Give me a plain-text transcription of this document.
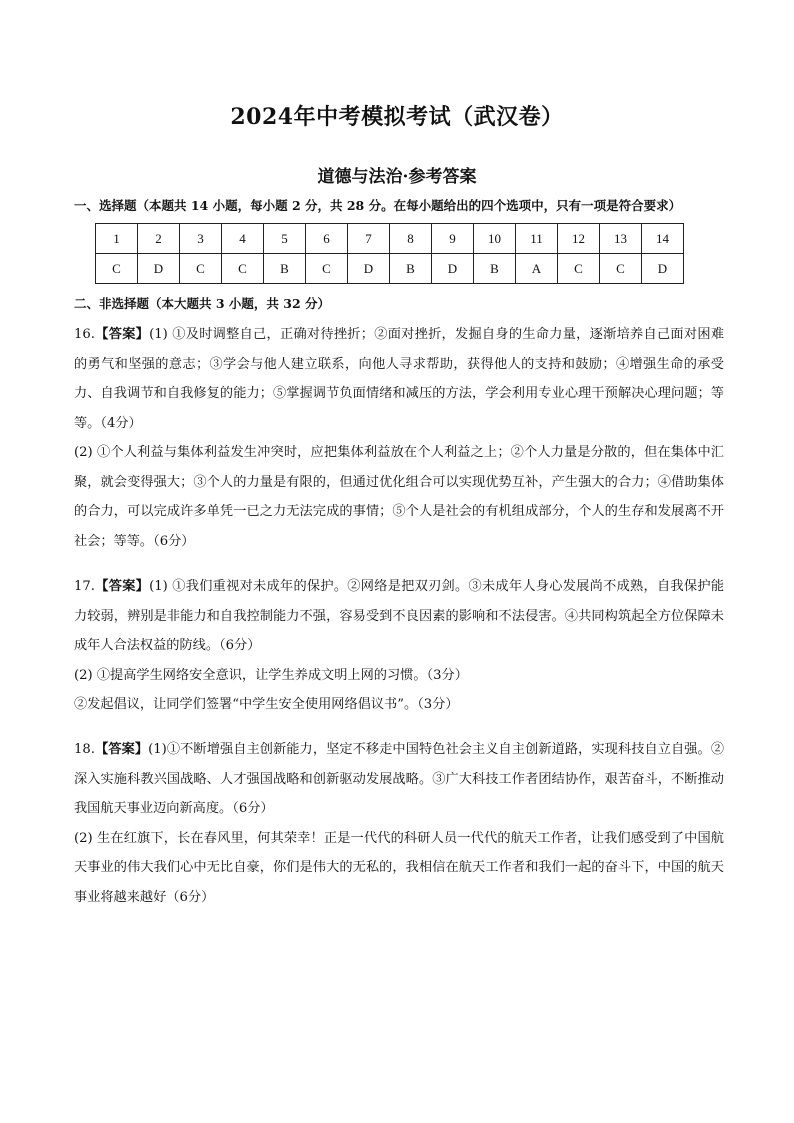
2024年中考模拟考试（武汉卷）
道德与法治·参考答案
一、选择题（本题共 14 小题，每小题 2 分，共 28 分。在每小题给出的四个选项中，只有一项是符合要求）
1	2	3	4	5	6	7	8	9	10	11	12	13	14
C	D	C	C	B	C	D	B	D	B	A	C	C	D
二、非选择题（本大题共 3 小题，共 32 分）

16.【答案】(1) ①及时调整自己，正确对待挫折；②面对挫折，发掘自身的生命力量，逐渐培养自己面对困难的勇气和坚强的意志；③学会与他人建立联系，向他人寻求帮助，获得他人的支持和鼓励；④增强生命的承受力、自我调节和自我修复的能力；⑤掌握调节负面情绪和减压的方法，学会利用专业心理干预解决心理问题；等等。（4分）

(2) ①个人利益与集体利益发生冲突时，应把集体利益放在个人利益之上；②个人力量是分散的，但在集体中汇聚，就会变得强大；③个人的力量是有限的，但通过优化组合可以实现优势互补，产生强大的合力；④借助集体的合力，可以完成许多单凭一已之力无法完成的事情；⑤个人是社会的有机组成部分，个人的生存和发展离不开社会；等等。（6分）

17.【答案】(1) ①我们重视对未成年的保护。②网络是把双刃剑。③未成年人身心发展尚不成熟，自我保护能力较弱，辨别是非能力和自我控制能力不强，容易受到不良因素的影响和不法侵害。④共同构筑起全方位保障未成年人合法权益的防线。（6分）

(2) ①提高学生网络安全意识，让学生养成文明上网的习惯。（3分）

②发起倡议，让同学们签署“中学生安全使用网络倡议书”。（3分）

18.【答案】(1)①不断增强自主创新能力，坚定不移走中国特色社会主义自主创新道路，实现科技自立自强。②深入实施科教兴国战略、人才强国战略和创新驱动发展战略。③广大科技工作者团结协作，艰苦奋斗，不断推动我国航天事业迈向新高度。（6分）

(2) 生在红旗下，长在春风里，何其荣幸！正是一代代的科研人员一代代的航天工作者，让我们感受到了中国航天事业的伟大我们心中无比自豪，你们是伟大的无私的，我相信在航天工作者和我们一起的奋斗下，中国的航天事业将越来越好（6分）
